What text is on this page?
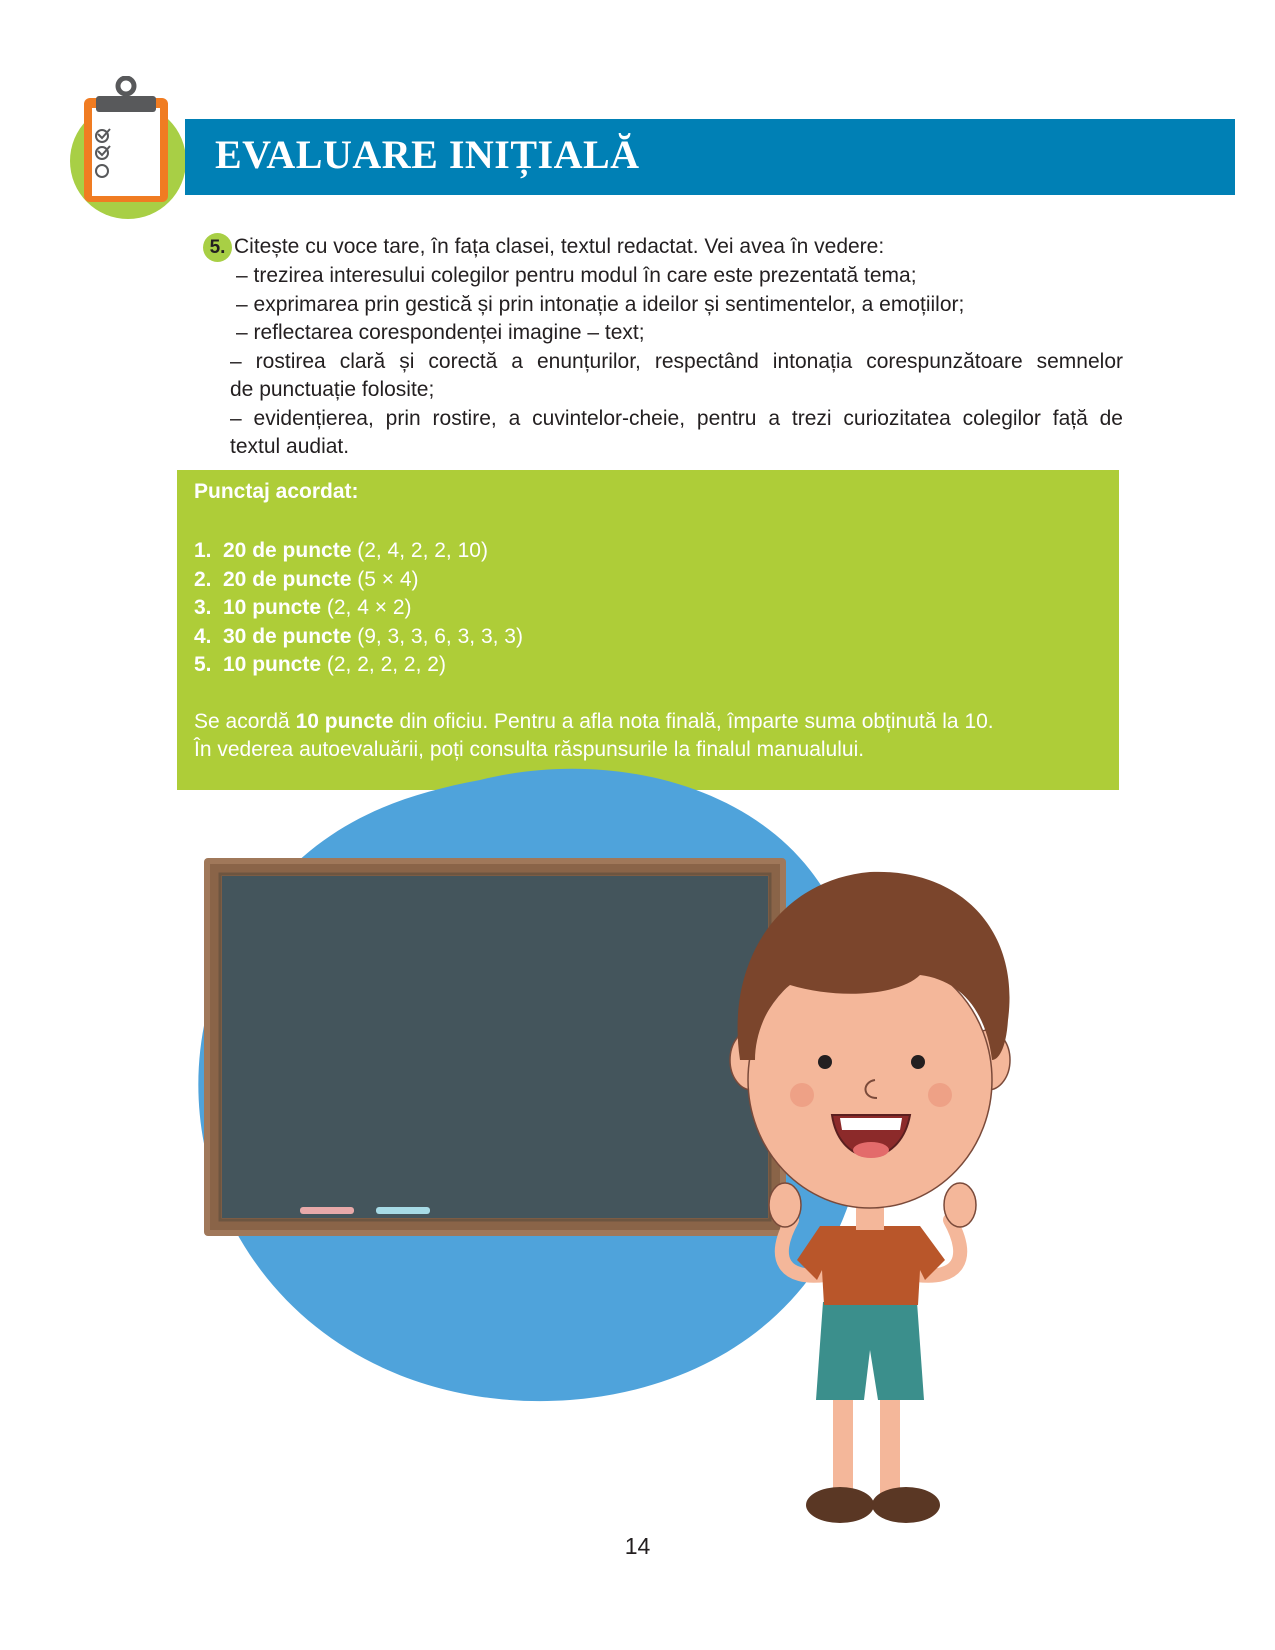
EVALUARE INIȚIALĂ
5. Citește cu voce tare, în fața clasei, textul redactat. Vei avea în vedere:
– trezirea interesului colegilor pentru modul în care este prezentată tema;
– exprimarea prin gestică și prin intonație a ideilor și sentimentelor, a emoțiilor;
– reflectarea corespondenței imagine – text;
– rostirea clară și corectă a enunțurilor, respectând intonația corespunzătoare semnelor
de punctuație folosite;
– evidențierea, prin rostire, a cuvintelor-cheie, pentru a trezi curiozitatea colegilor față de
textul audiat.
Punctaj acordat:
1. 20 de puncte (2, 4, 2, 2, 10)
2. 20 de puncte (5 × 4)
3. 10 puncte (2, 4 × 2)
4. 30 de puncte (9, 3, 3, 6, 3, 3, 3)
5. 10 puncte (2, 2, 2, 2, 2)
Se acordă 10 puncte din oficiu. Pentru a afla nota finală, împarte suma obținută la 10.
În vederea autoevaluării, poți consulta răspunsurile la finalul manualului.
14
